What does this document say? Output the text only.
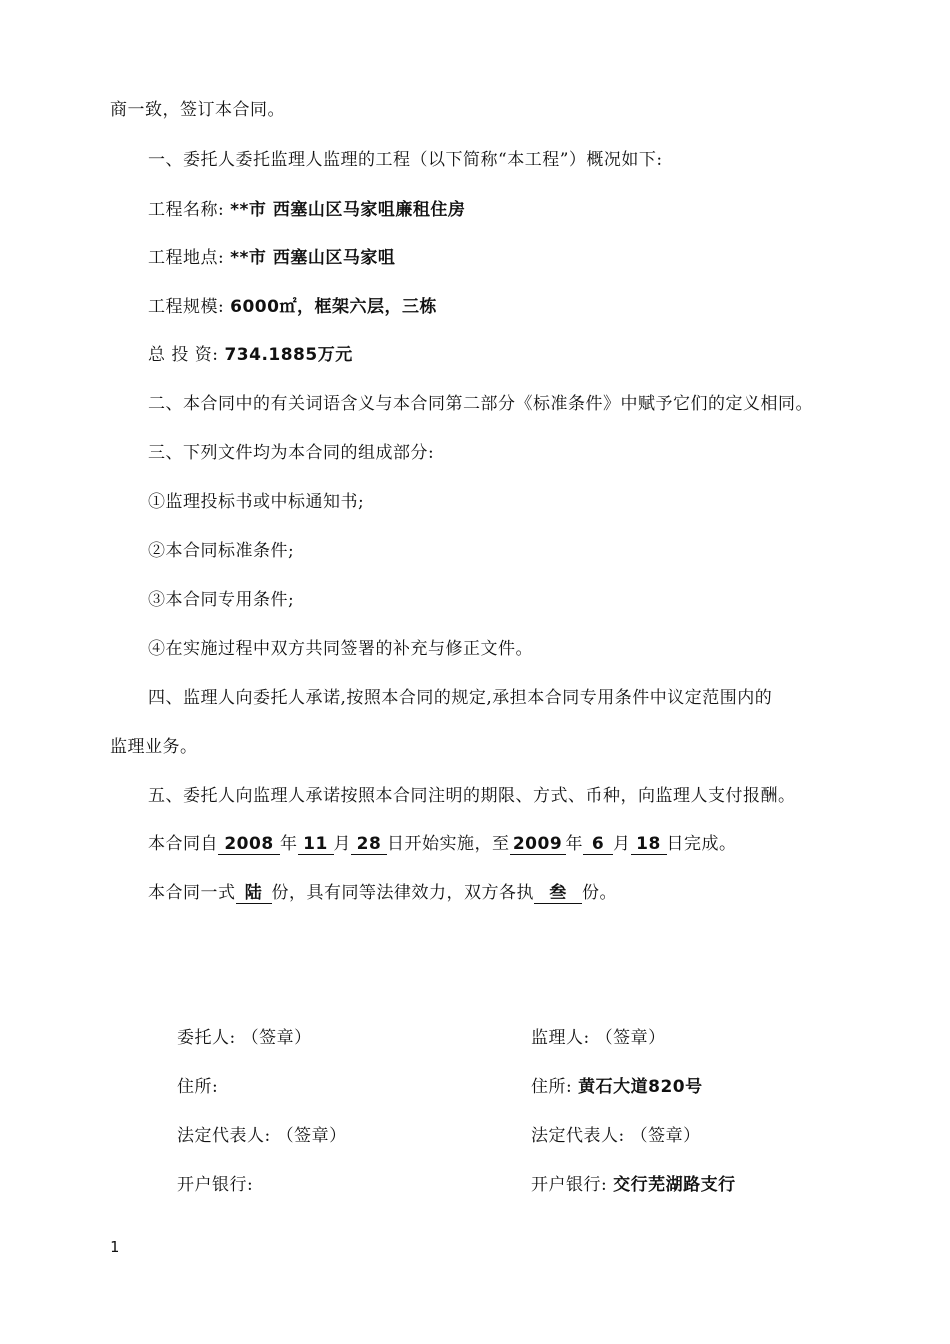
商一致，签订本合同。
一、委托人委托监理人监理的工程（以下简称“本工程”）概况如下:
工程名称: **市 西塞山区马家咀廉租住房
工程地点: **市 西塞山区马家咀
工程规模: 6000㎡，框架六层，三栋
总 投 资: 734.1885万元
二、本合同中的有关词语含义与本合同第二部分《标准条件》中赋予它们的定义相同。
三、下列文件均为本合同的组成部分:
①监理投标书或中标通知书;
②本合同标准条件;
③本合同专用条件;
④在实施过程中双方共同签署的补充与修正文件。
四、监理人向委托人承诺,按照本合同的规定,承担本合同专用条件中议定范围内的
监理业务。
五、委托人向监理人承诺按照本合同注明的期限、方式、币种，向监理人支付报酬。
本合同自 2008 年 11 月 28 日开始实施，至 2009 年 6 月 18 日完成。
本合同一式 陆 份，具有同等法律效力，双方各执 叁 份。
委托人: （签章）
住所:
法定代表人: （签章）
开户银行:
监理人: （签章）
住所: 黄石大道820号
法定代表人: （签章）
开户银行: 交行芜湖路支行
1
